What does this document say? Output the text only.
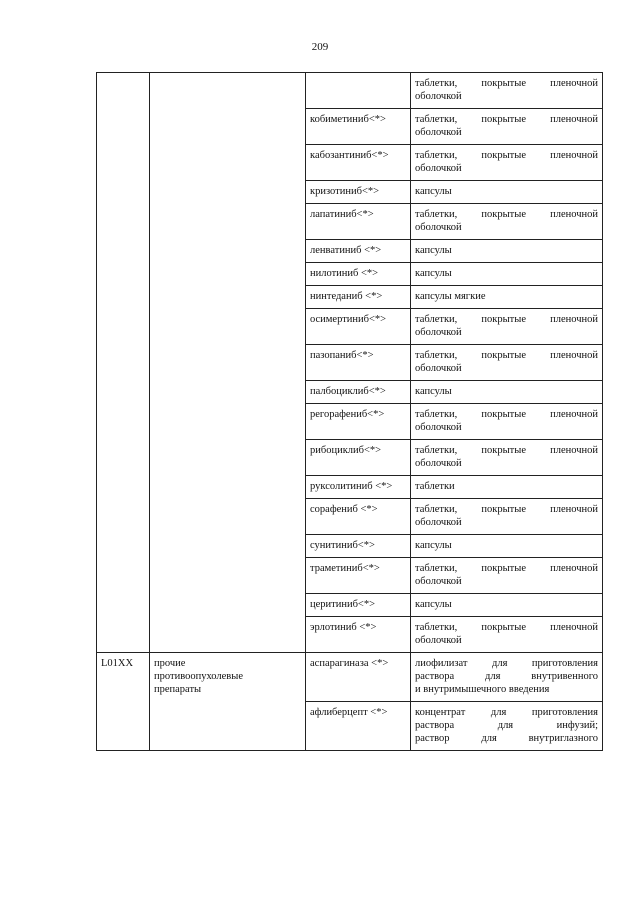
209

			таблетки, покрытые пленочной
оболочкой

		кобиметиниб<*>	таблетки, покрытые пленочной
оболочкой

		кабозантиниб<*>	таблетки, покрытые пленочной
оболочкой

		кризотиниб<*>	капсулы

		лапатиниб<*>	таблетки, покрытые пленочной
оболочкой

		ленватиниб <*>	капсулы

		нилотиниб <*>	капсулы

		нинтеданиб <*>	капсулы мягкие

		осимертиниб<*>	таблетки, покрытые пленочной
оболочкой

		пазопаниб<*>	таблетки, покрытые пленочной
оболочкой

		палбоциклиб<*>	капсулы

		регорафениб<*>	таблетки, покрытые пленочной
оболочкой

		рибоциклиб<*>	таблетки, покрытые пленочной
оболочкой

		руксолитиниб <*>	таблетки

		сорафениб <*>	таблетки, покрытые пленочной
оболочкой

		сунитиниб<*>	капсулы

		траметиниб<*>	таблетки, покрытые пленочной
оболочкой

		церитиниб<*>	капсулы

		эрлотиниб <*>	таблетки, покрытые пленочной
оболочкой

L01XX	прочие противоопухолевые препараты	аспарагиназа <*>	лиофилизат для приготовления
раствора для внутривенного
и внутримышечного введения

		афлиберцепт <*>	концентрат для приготовления
раствора для инфузий;
раствор для внутриглазного
